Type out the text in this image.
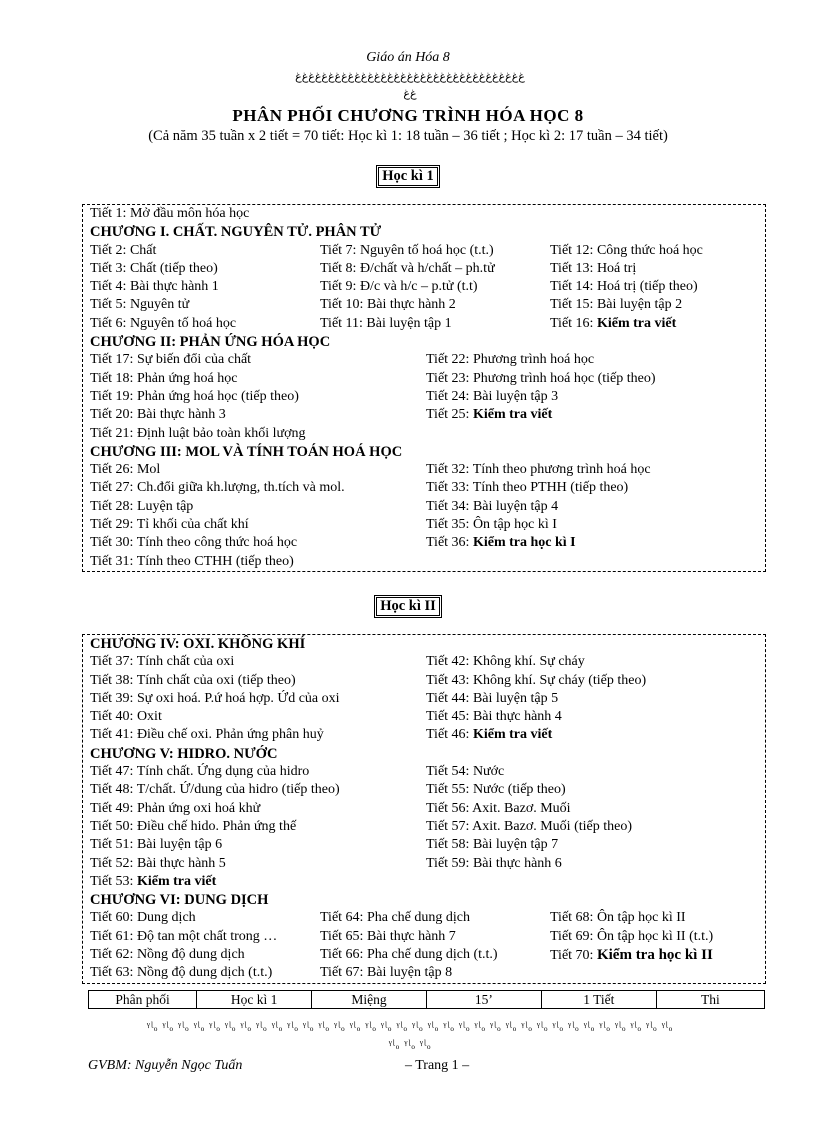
Giáo án Hóa 8
ﻍﻍﻍﻍﻍﻍﻍﻍﻍﻍﻍﻍﻍﻍﻍﻍﻍﻍﻍﻍﻍﻍﻍﻍﻍﻍﻍﻍﻍﻍﻍﻍﻍﻍﻍ
ﻍﻍ
PHÂN PHỐI CHƯƠNG TRÌNH HÓA HỌC 8
(Cả năm 35 tuần x 2 tiết = 70 tiết: Học kì 1: 18 tuần – 36 tiết ; Học kì 2: 17 tuần – 34 tiết)
Học kì 1
Tiết 1: Mở đầu môn hóa học
CHƯƠNG I. CHẤT. NGUYÊN TỬ. PHÂN TỬ
Tiết 2: Chất	Tiết 7: Nguyên tố hoá học (t.t.)	Tiết 12: Công thức hoá học
Tiết 3: Chất (tiếp theo)	Tiết 8: Đ/chất và h/chất – ph.tử	Tiết 13: Hoá trị
Tiết 4: Bài thực hành 1	Tiết 9: Đ/c và h/c – p.tử (t.t)	Tiết 14: Hoá trị (tiếp theo)
Tiết 5: Nguyên tử	Tiết 10: Bài thực hành 2	Tiết 15: Bài luyện tập 2
Tiết 6: Nguyên tố hoá học	Tiết 11: Bài luyện tập 1	Tiết 16: Kiểm tra viết
CHƯƠNG II: PHẢN ỨNG HÓA HỌC
Tiết 17: Sự biến đổi của chất	Tiết 22: Phương trình hoá học
Tiết 18: Phản ứng hoá học	Tiết 23: Phương trình hoá học (tiếp theo)
Tiết 19: Phản ứng hoá học (tiếp theo)	Tiết 24: Bài luyện tập 3
Tiết 20: Bài thực hành 3	Tiết 25: Kiểm tra viết
Tiết 21: Định luật bảo toàn khối lượng
CHƯƠNG III: MOL VÀ TÍNH TOÁN HOÁ HỌC
Tiết 26: Mol	Tiết 32: Tính theo phương trình hoá học
Tiết 27: Ch.đổi giữa kh.lượng, th.tích và mol.	Tiết 33: Tính theo PTHH (tiếp theo)
Tiết 28: Luyện tập	Tiết 34: Bài luyện tập 4
Tiết 29: Tỉ khối của chất khí	Tiết 35: Ôn tập học kì I
Tiết 30: Tính theo công thức hoá học	Tiết 36: Kiểm tra học kì I
Tiết 31: Tính theo CTHH (tiếp theo)
Học kì II
CHƯƠNG IV: OXI. KHÔNG KHÍ
Tiết 37: Tính chất của oxi	Tiết 42: Không khí. Sự cháy
Tiết 38: Tính chất của oxi (tiếp theo)	Tiết 43: Không khí. Sự cháy (tiếp theo)
Tiết 39: Sự oxi hoá. P.ứ hoá hợp. Ứd của oxi	Tiết 44: Bài luyện tập 5
Tiết 40: Oxit	Tiết 45: Bài thực hành 4
Tiết 41: Điều chế oxi. Phản ứng phân huỷ	Tiết 46: Kiểm tra viết
CHƯƠNG V: HIDRO. NƯỚC
Tiết 47: Tính chất. Ứng dụng của hidro	Tiết 54: Nước
Tiết 48: T/chất. Ứ/dung của hidro (tiếp theo)	Tiết 55: Nước (tiếp theo)
Tiết 49: Phản ứng oxi hoá khử	Tiết 56: Axit. Bazơ. Muối
Tiết 50: Điều chế hido. Phản ứng thế	Tiết 57: Axit. Bazơ. Muối (tiếp theo)
Tiết 51: Bài luyện tập 6	Tiết 58: Bài luyện tập 7
Tiết 52: Bài thực hành 5	Tiết 59: Bài thực hành 6
Tiết 53: Kiểm tra viết
CHƯƠNG VI: DUNG DỊCH
Tiết 60: Dung dịch	Tiết 64: Pha chế dung dịch	Tiết 68: Ôn tập học kì II
Tiết 61: Độ tan một chất trong …	Tiết 65: Bài thực hành 7	Tiết 69: Ôn tập học kì II (t.t.)
Tiết 62: Nồng độ dung dịch	Tiết 66: Pha chế dung dịch (t.t.)	Tiết 70: Kiểm tra học kì II
Tiết 63: Nồng độ dung dịch (t.t.)	Tiết 67: Bài luyện tập 8
Phân phối	Học kì 1	Miệng	15’	1 Tiết	Thi
ᵞᶩₒ ᵞᶩₒ ᵞᶩₒ ᵞᶩₒ ᵞᶩₒ ᵞᶩₒ ᵞᶩₒ ᵞᶩₒ ᵞᶩₒ ᵞᶩₒ ᵞᶩₒ ᵞᶩₒ ᵞᶩₒ ᵞᶩₒ ᵞᶩₒ ᵞᶩₒ ᵞᶩₒ ᵞᶩₒ ᵞᶩₒ ᵞᶩₒ ᵞᶩₒ ᵞᶩₒ ᵞᶩₒ ᵞᶩₒ ᵞᶩₒ ᵞᶩₒ ᵞᶩₒ ᵞᶩₒ ᵞᶩₒ ᵞᶩₒ ᵞᶩₒ ᵞᶩₒ ᵞᶩₒ ᵞᶩₒ
ᵞᶩₒ ᵞᶩₒ ᵞᶩₒ
GVBM: Nguyễn Ngọc Tuấn	– Trang 1 –
